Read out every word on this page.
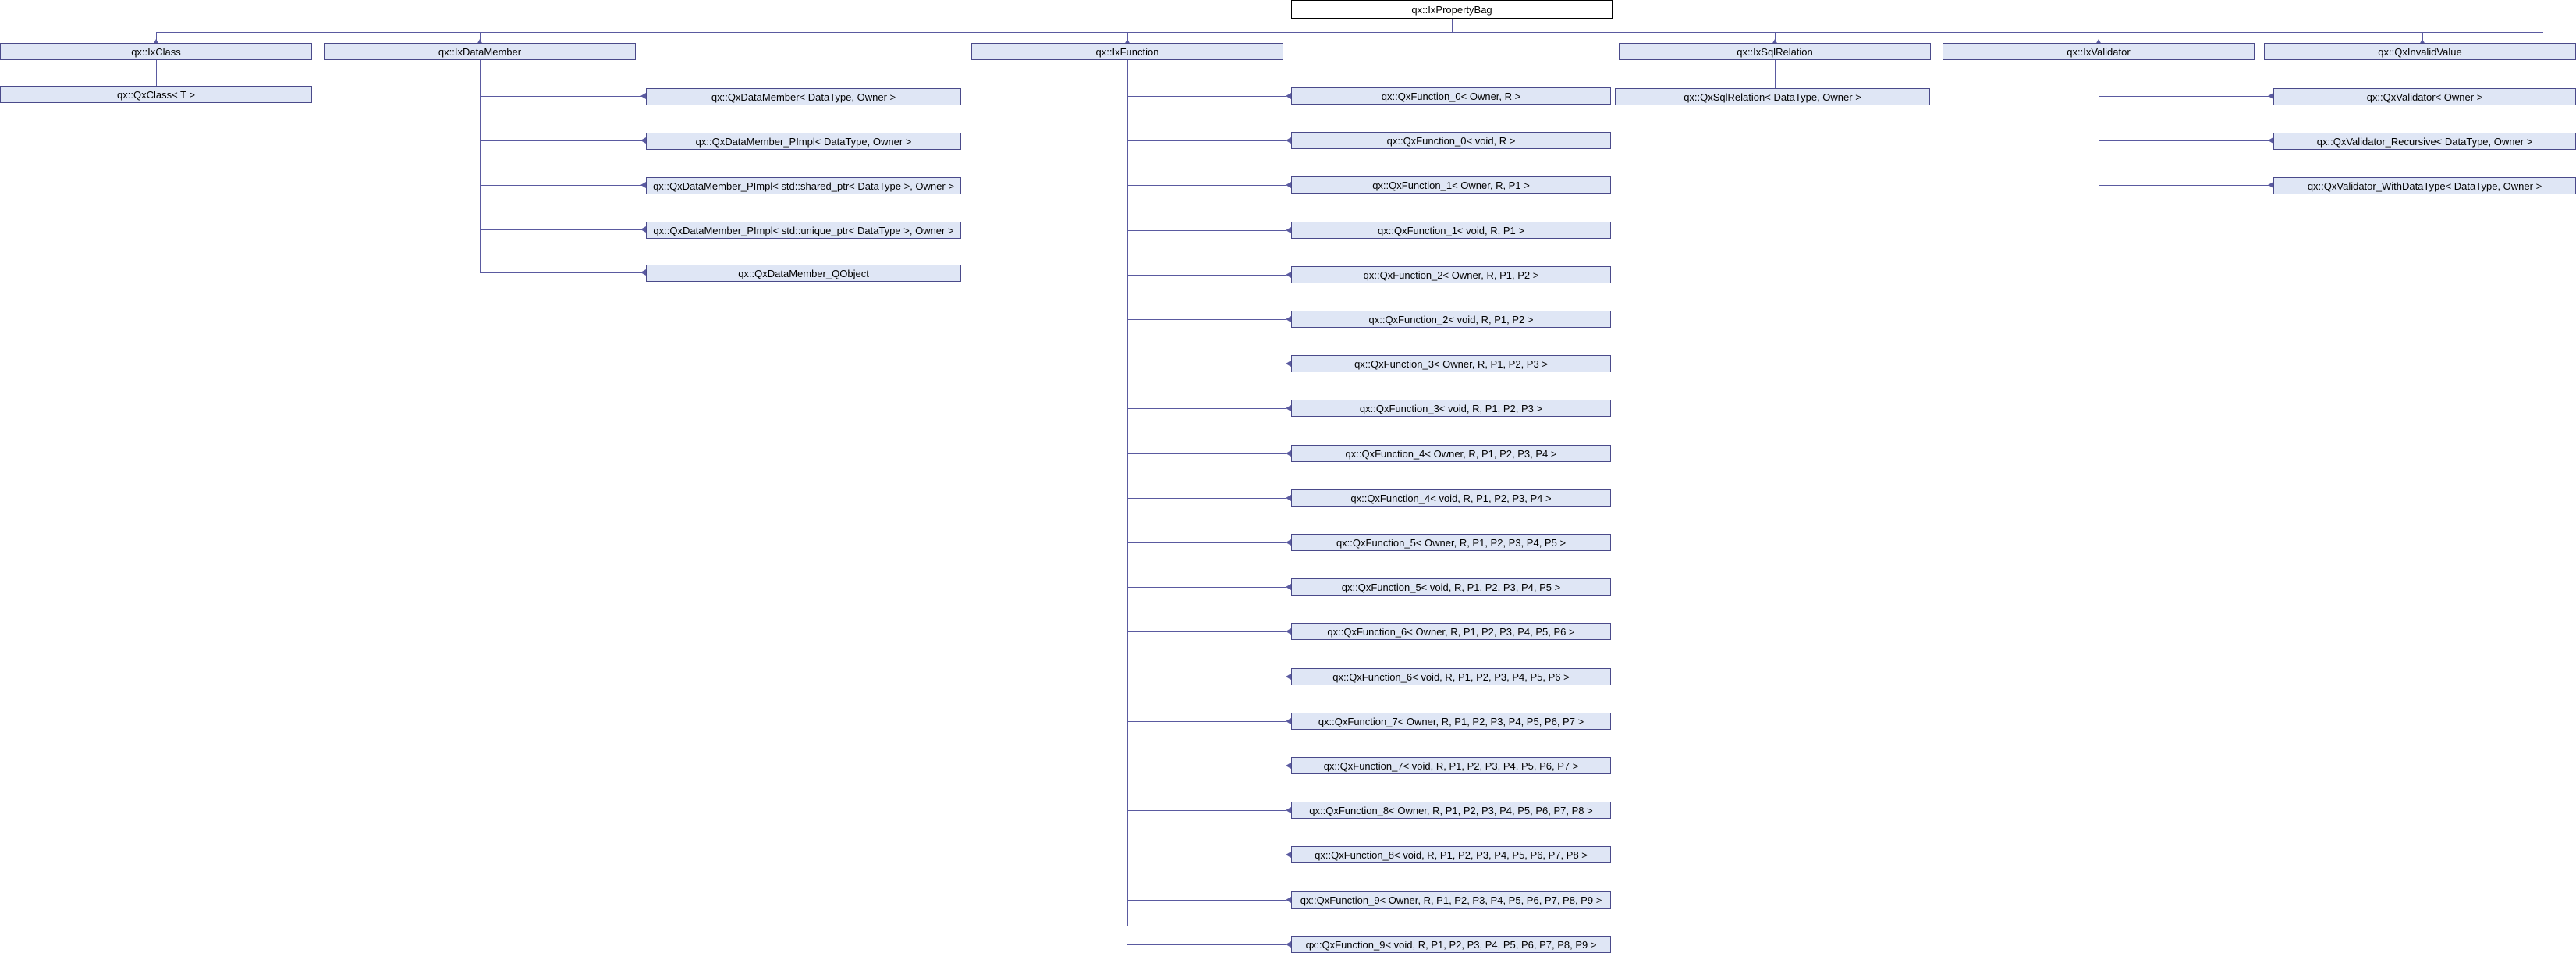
qx::IxPropertyBag
qx::IxClass	qx::IxDataMember	qx::IxFunction	qx::IxSqlRelation	qx::IxValidator	qx::QxInvalidValue
qx::QxClass< T >	qx::QxDataMember< DataType, Owner >
qx::QxDataMember_PImpl< DataType, Owner >
qx::QxDataMember_PImpl< std::shared_ptr< DataType >, Owner >
qx::QxDataMember_PImpl< std::unique_ptr< DataType >, Owner >
qx::QxDataMember_QObject
qx::QxSqlRelation< DataType, Owner >	qx::QxValidator< Owner >
qx::QxValidator_Recursive< DataType, Owner >
qx::QxValidator_WithDataType< DataType, Owner >
qx::QxFunction_0< Owner, R >
qx::QxFunction_0< void, R >
qx::QxFunction_1< Owner, R, P1 >
qx::QxFunction_1< void, R, P1 >
qx::QxFunction_2< Owner, R, P1, P2 >
qx::QxFunction_2< void, R, P1, P2 >
qx::QxFunction_3< Owner, R, P1, P2, P3 >
qx::QxFunction_3< void, R, P1, P2, P3 >
qx::QxFunction_4< Owner, R, P1, P2, P3, P4 >
qx::QxFunction_4< void, R, P1, P2, P3, P4 >
qx::QxFunction_5< Owner, R, P1, P2, P3, P4, P5 >
qx::QxFunction_5< void, R, P1, P2, P3, P4, P5 >
qx::QxFunction_6< Owner, R, P1, P2, P3, P4, P5, P6 >
qx::QxFunction_6< void, R, P1, P2, P3, P4, P5, P6 >
qx::QxFunction_7< Owner, R, P1, P2, P3, P4, P5, P6, P7 >
qx::QxFunction_7< void, R, P1, P2, P3, P4, P5, P6, P7 >
qx::QxFunction_8< Owner, R, P1, P2, P3, P4, P5, P6, P7, P8 >
qx::QxFunction_8< void, R, P1, P2, P3, P4, P5, P6, P7, P8 >
qx::QxFunction_9< Owner, R, P1, P2, P3, P4, P5, P6, P7, P8, P9 >
qx::QxFunction_9< void, R, P1, P2, P3, P4, P5, P6, P7, P8, P9 >
